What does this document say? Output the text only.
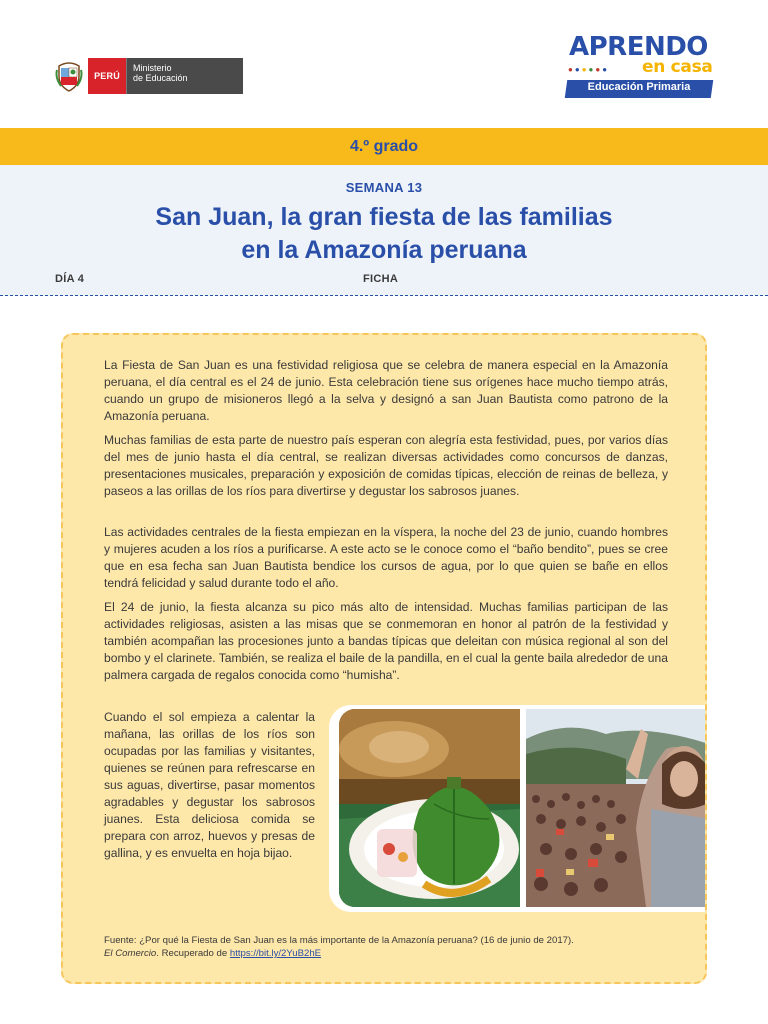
PERÚ
Ministerio
de Educación
APRENDO
●●●●●● en casa
Educación Primaria
4.º grado
SEMANA 13
San Juan, la gran fiesta de las familias
en la Amazonía peruana
DÍA 4	FICHA

La Fiesta de San Juan es una festividad religiosa que se celebra de manera especial en la Amazonía peruana, el día central es el 24 de junio. Esta celebración tiene sus orígenes hace mucho tiempo atrás, cuando un grupo de misioneros llegó a la selva y designó a san Juan Bautista como patrono de la Amazonía peruana.

Muchas familias de esta parte de nuestro país esperan con alegría esta festividad, pues, por varios días del mes de junio hasta el día central, se realizan diversas actividades como concursos de danzas, presentaciones musicales, preparación y exposición de comidas típicas, elección de reinas de belleza, y paseos a las orillas de los ríos para divertirse y degustar los sabrosos juanes.

Las actividades centrales de la fiesta empiezan en la víspera, la noche del 23 de junio, cuando hombres y mujeres acuden a los ríos a purificarse. A este acto se le conoce como el “baño bendito”, pues se cree que en esa fecha san Juan Bautista bendice los cursos de agua, por lo que quien se bañe en ellos tendrá felicidad y salud durante todo el año.

El 24 de junio, la fiesta alcanza su pico más alto de intensidad. Muchas familias participan de las actividades religiosas, asisten a las misas que se conmemoran en honor al patrón de la festividad y también acompañan las procesiones junto a bandas típicas que deleitan con música regional al son del bombo y el clarinete. También, se realiza el baile de la pandilla, en el cual la gente baila alrededor de una palmera cargada de regalos conocida como “humisha”.

Cuando el sol empieza a calentar la mañana, las orillas de los ríos son ocupadas por las familias y visitantes, quienes se reúnen para refrescarse en sus aguas, divertirse, pasar momentos agradables y degustar los sabrosos juanes. Esta deliciosa comida se prepara con arroz, huevos y presas de gallina, y es envuelta en hoja bijao.

Fuente: ¿Por qué la Fiesta de San Juan es la más importante de la Amazonía peruana? (16 de junio de 2017).
El Comercio. Recuperado de https://bit.ly/2YuB2hE
